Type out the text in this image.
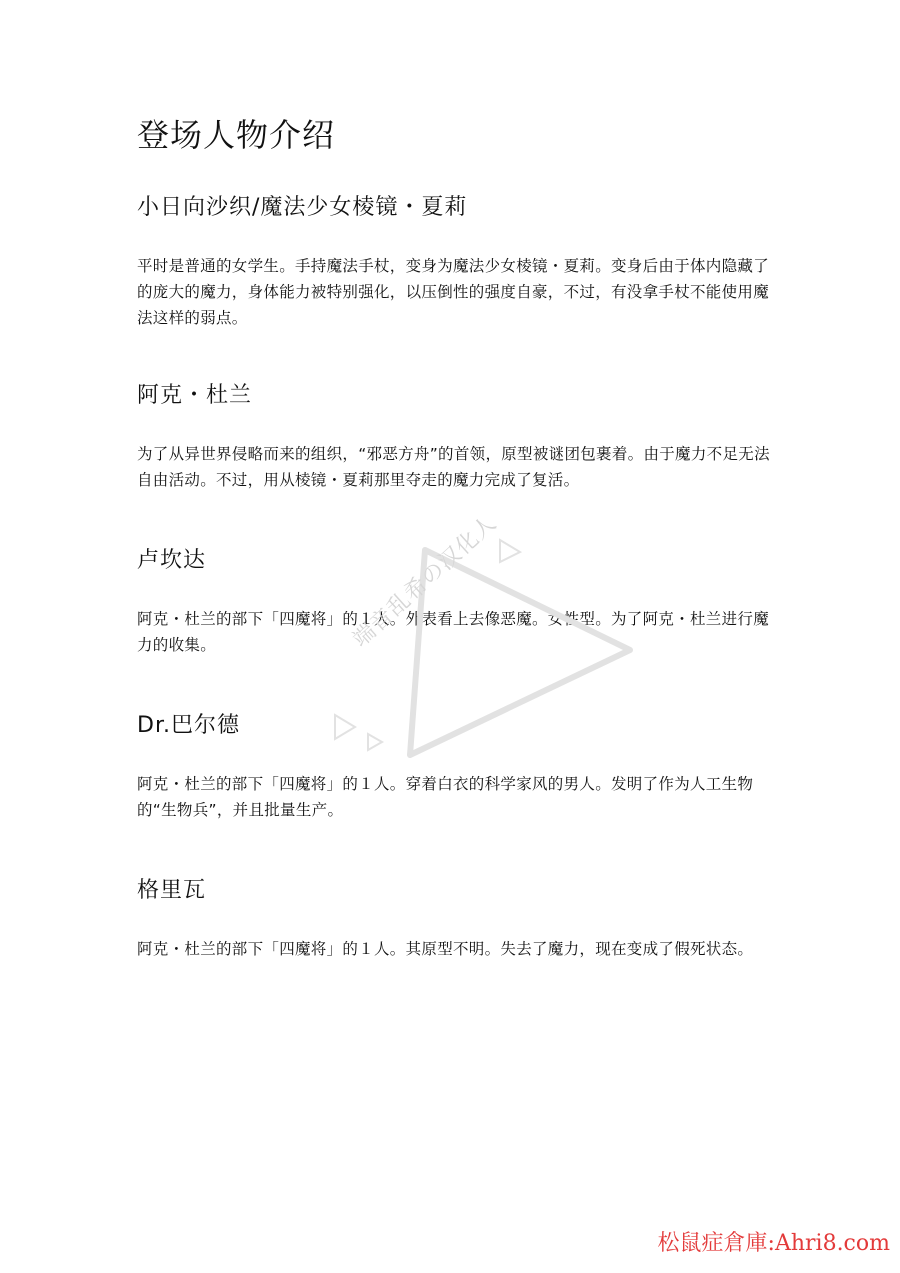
登场人物介绍
小日向沙织/魔法少女棱镜・夏莉

平时是普通的女学生。手持魔法手杖，变身为魔法少女棱镜・夏莉。变身后由于体内隐藏了的庞大的魔力，身体能力被特别强化，以压倒性的强度自豪，不过，有没拿手杖不能使用魔法这样的弱点。

阿克・杜兰

为了从异世界侵略而来的组织，“邪恶方舟”的首领，原型被谜团包裹着。由于魔力不足无法自由活动。不过，用从棱镜・夏莉那里夺走的魔力完成了复活。

卢坎达

阿克・杜兰的部下「四魔将」的１人。外表看上去像恶魔。女性型。为了阿克・杜兰进行魔力的收集。

Dr.巴尔德

阿克・杜兰的部下「四魔将」的１人。穿着白衣的科学家风的男人。发明了作为人工生物的“生物兵”，并且批量生产。

格里瓦

阿克・杜兰的部下「四魔将」的１人。其原型不明。失去了魔力，现在变成了假死状态。

端音乱希の汉化人
松鼠症倉庫:Ahri8.com
